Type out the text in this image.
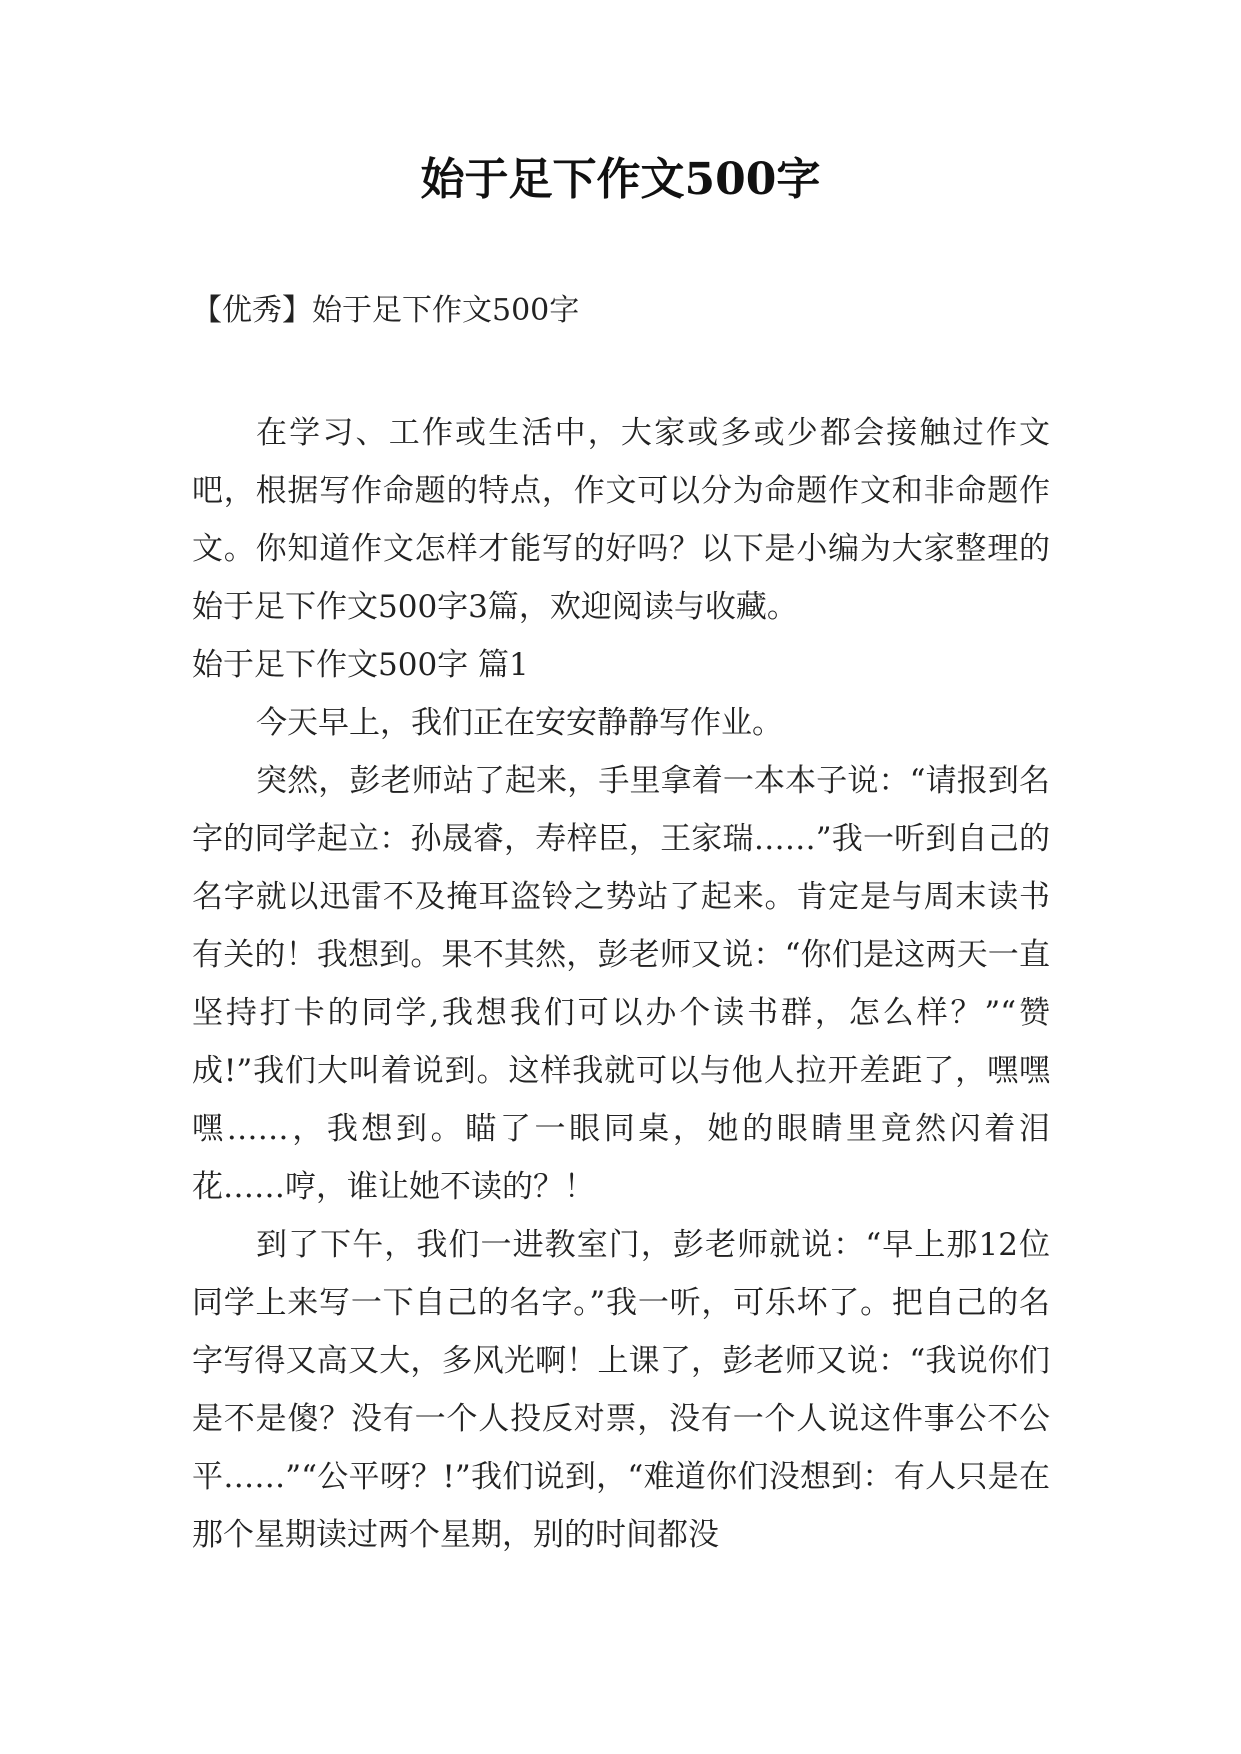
始于足下作文500字
【优秀】始于足下作文500字

在学习、工作或生活中，大家或多或少都会接触过作文吧，根据写作命题的特点，作文可以分为命题作文和非命题作文。你知道作文怎样才能写的好吗？以下是小编为大家整理的始于足下作文500字3篇，欢迎阅读与收藏。

始于足下作文500字 篇1

今天早上，我们正在安安静静写作业。

突然，彭老师站了起来，手里拿着一本本子说：“请报到名字的同学起立：孙晟睿，寿梓臣，王家瑞……”我一听到自己的名字就以迅雷不及掩耳盗铃之势站了起来。肯定是与周末读书有关的！我想到。果不其然，彭老师又说：“你们是这两天一直坚持打卡的同学,我想我们可以办个读书群，怎么样？”“赞成!”我们大叫着说到。这样我就可以与他人拉开差距了，嘿嘿嘿……，我想到。瞄了一眼同桌，她的眼睛里竟然闪着泪花……哼，谁让她不读的？！

到了下午，我们一进教室门，彭老师就说：“早上那12位同学上来写一下自己的名字。”我一听，可乐坏了。把自己的名字写得又高又大，多风光啊！上课了，彭老师又说：“我说你们是不是傻？没有一个人投反对票，没有一个人说这件事公不公平……”“公平呀？!”我们说到，“难道你们没想到：有人只是在那个星期读过两个星期，别的时间都没
